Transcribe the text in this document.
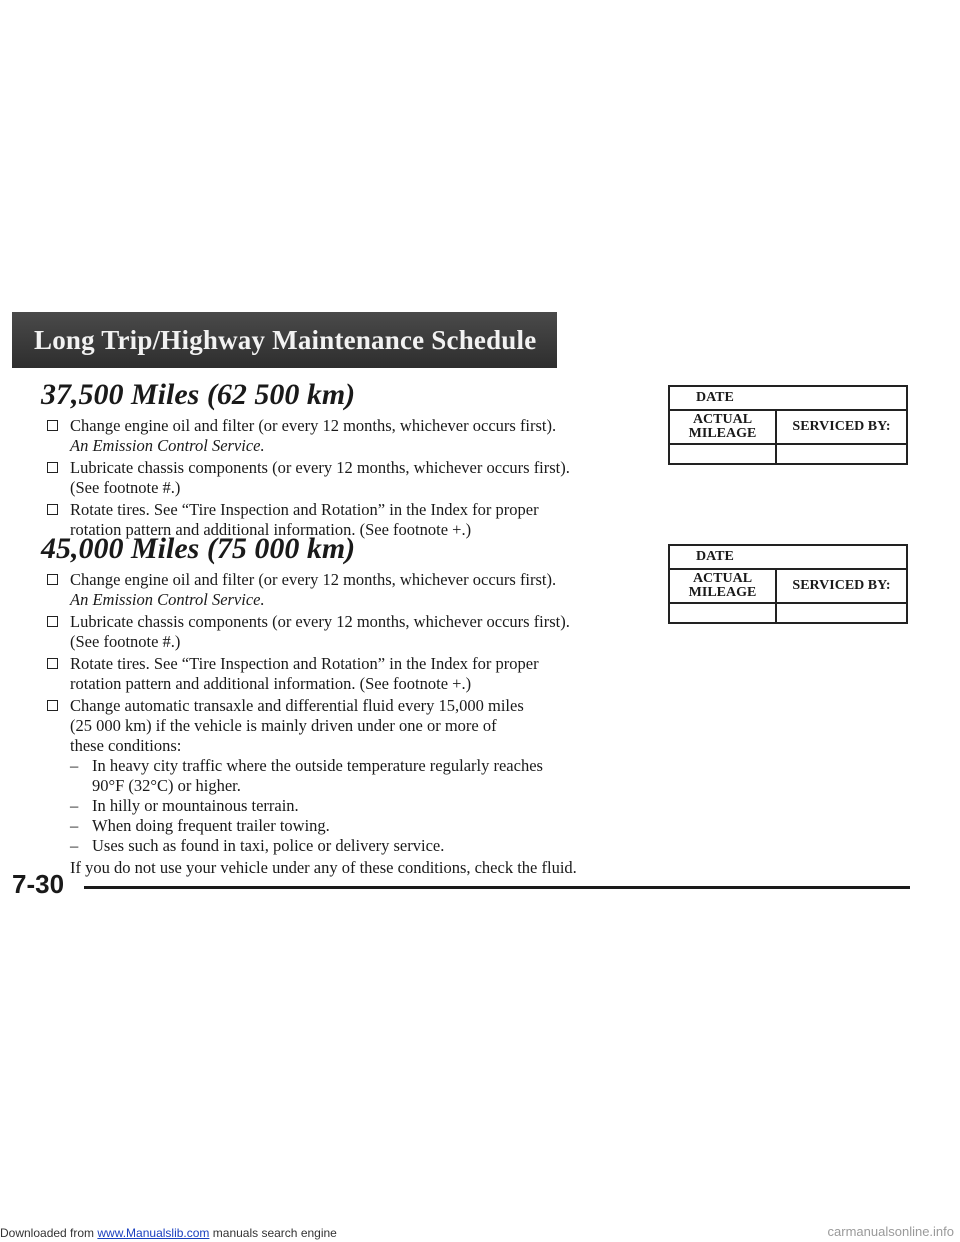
Long Trip/Highway Maintenance Schedule
37,500 Miles (62 500 km)
Change engine oil and filter (or every 12 months, whichever occurs first).
An Emission Control Service.
Lubricate chassis components (or every 12 months, whichever occurs first).
(See footnote #.)
Rotate tires. See “Tire Inspection and Rotation” in the Index for proper
rotation pattern and additional information. (See footnote +.)
45,000 Miles (75 000 km)
Change engine oil and filter (or every 12 months, whichever occurs first).
An Emission Control Service.
Lubricate chassis components (or every 12 months, whichever occurs first).
(See footnote #.)
Rotate tires. See “Tire Inspection and Rotation” in the Index for proper
rotation pattern and additional information. (See footnote +.)
Change automatic transaxle and differential fluid every 15,000 miles
(25 000 km) if the vehicle is mainly driven under one or more of
these conditions:
– In heavy city traffic where the outside temperature regularly reaches
90°F (32°C) or higher.
– In hilly or mountainous terrain.
– When doing frequent trailer towing.
– Uses such as found in taxi, police or delivery service.
If you do not use your vehicle under any of these conditions, check the fluid.
DATE
ACTUAL MILEAGE	SERVICED BY:
DATE
ACTUAL MILEAGE	SERVICED BY:
7-30
Downloaded from www.Manualslib.com manuals search engine	carmanualsonline.info
